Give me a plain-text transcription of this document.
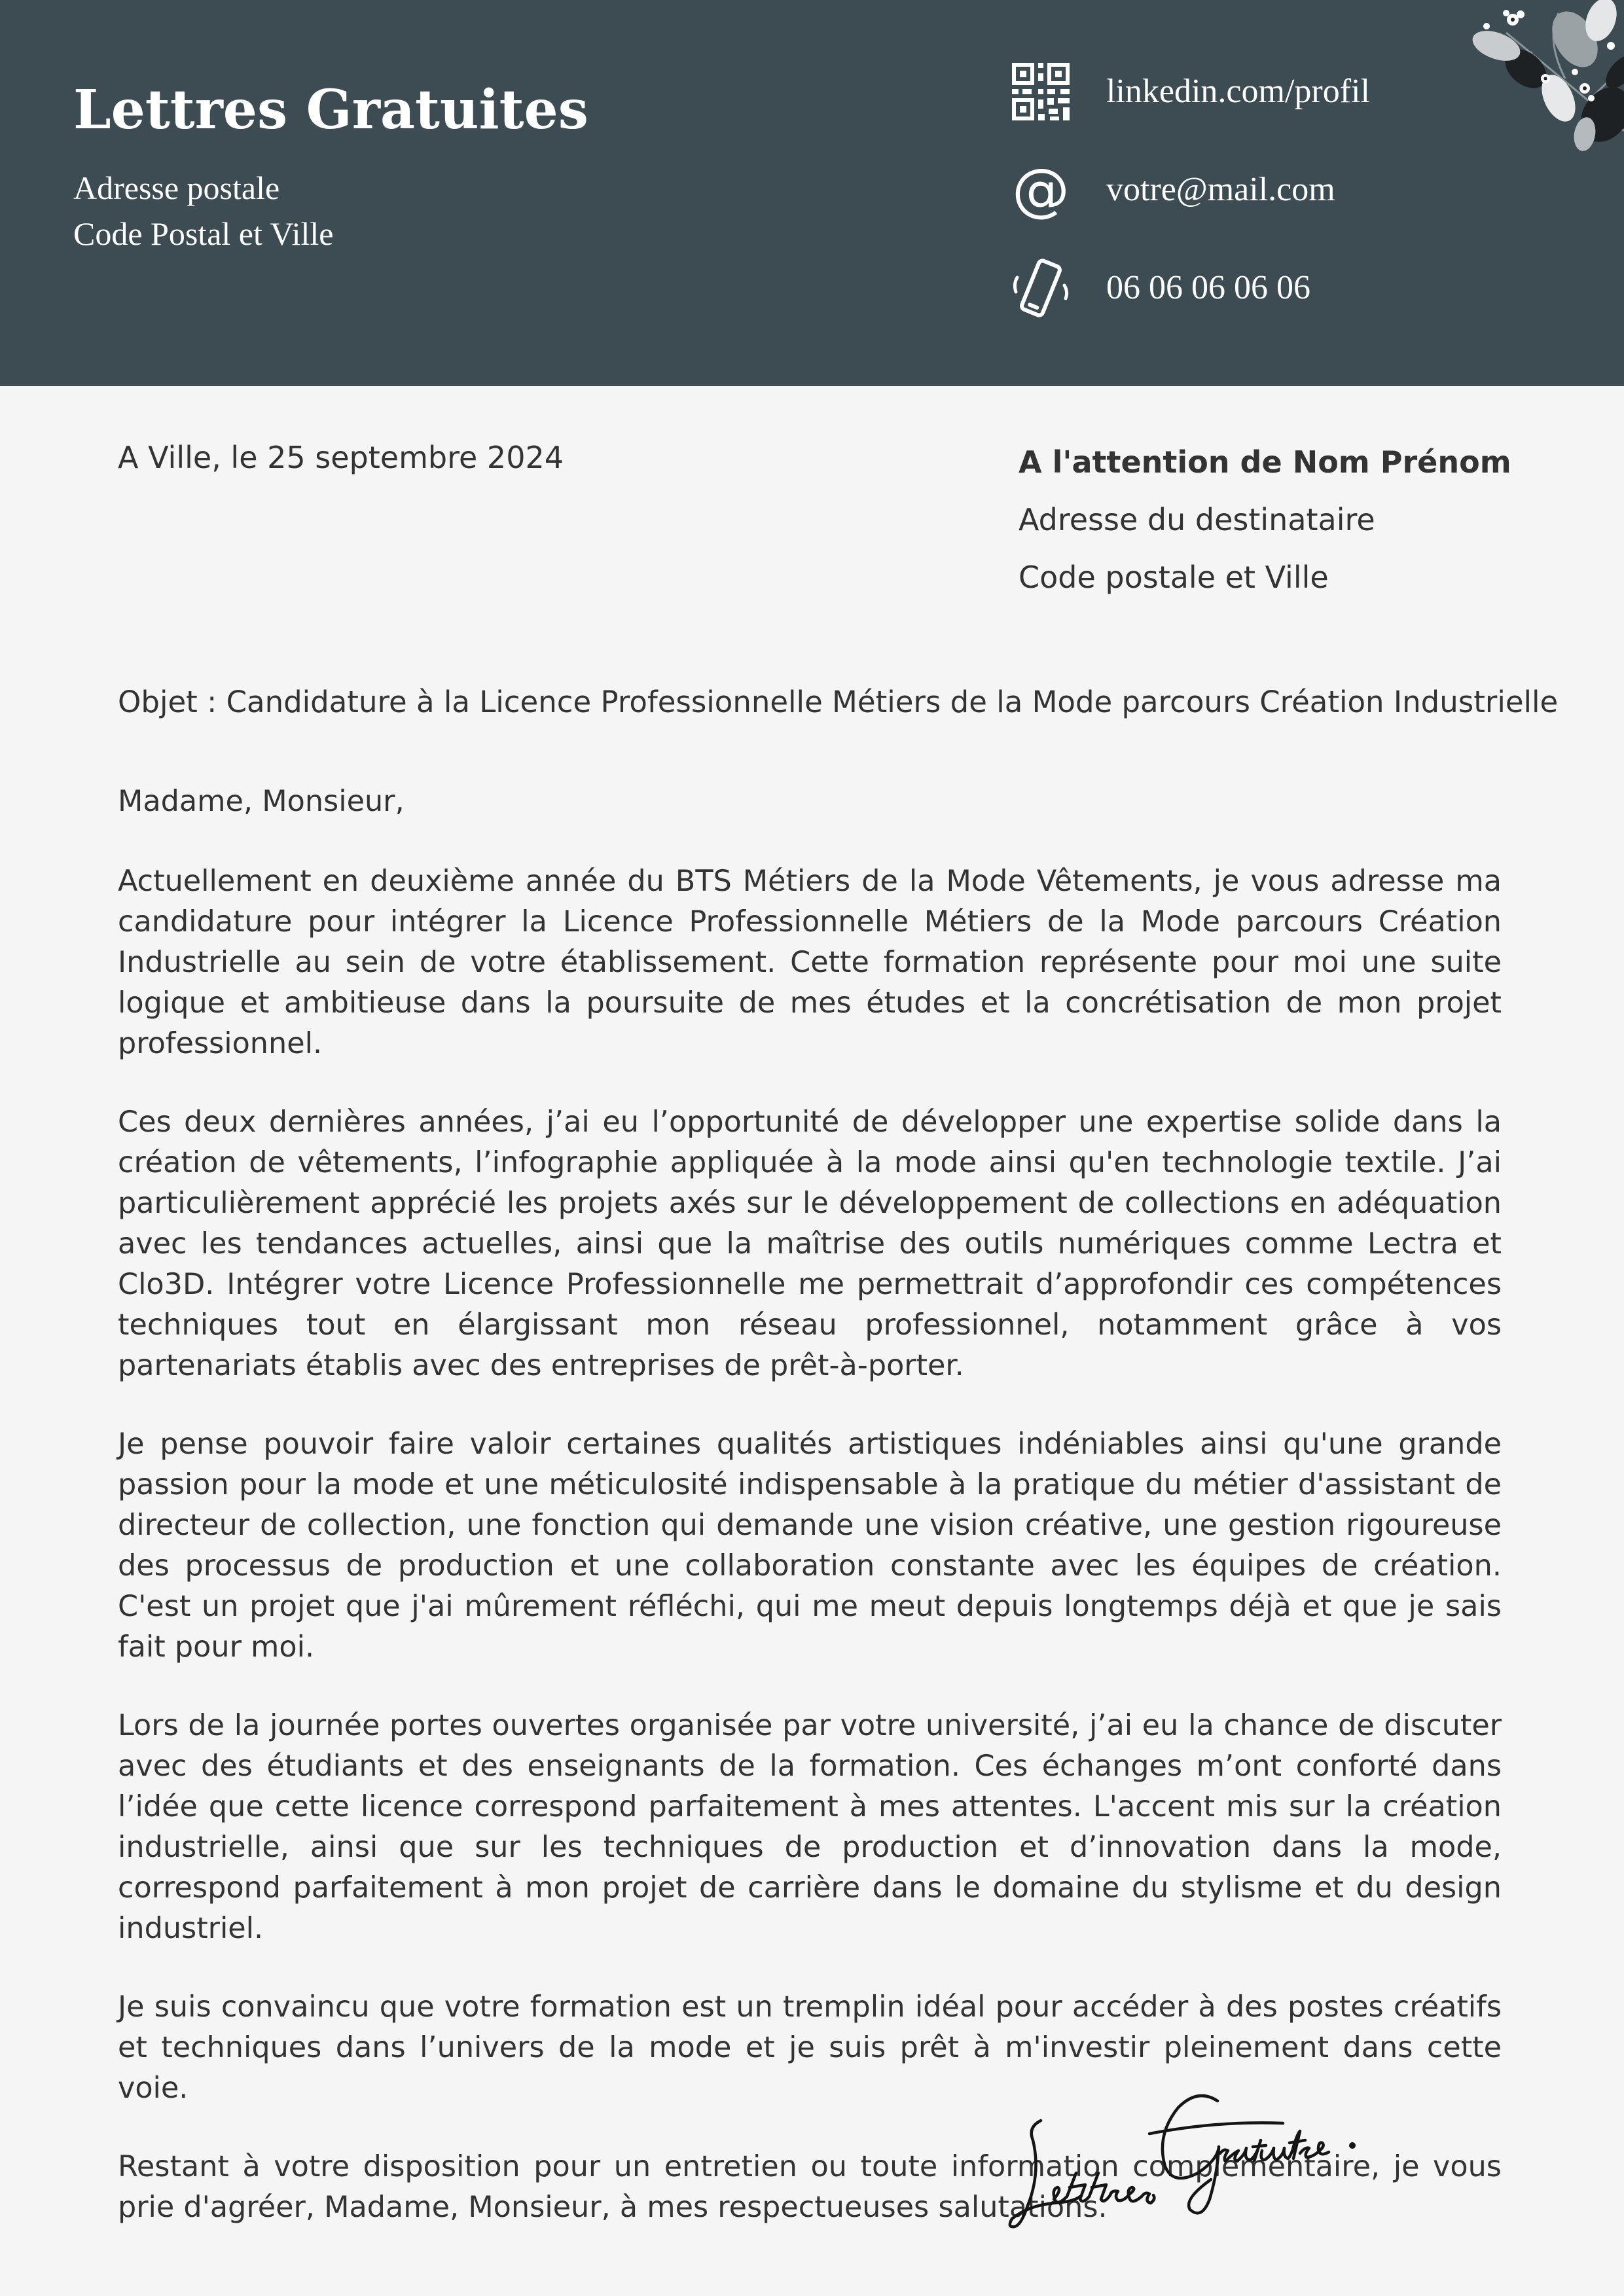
Lettres Gratuites
Adresse postale
Code Postal et Ville
linkedin.com/profil
@ votre@mail.com
06 06 06 06 06
A Ville, le 25 septembre 2024	A l'attention de Nom Prénom
Adresse du destinataire
Code postale et Ville
Objet : Candidature à la Licence Professionnelle Métiers de la Mode parcours Création Industrielle

Madame, Monsieur,

Actuellement en deuxième année du BTS Métiers de la Mode Vêtements, je vous adresse ma candidature pour intégrer la Licence Professionnelle Métiers de la Mode parcours Création Industrielle au sein de votre établissement. Cette formation représente pour moi une suite logique et ambitieuse dans la poursuite de mes études et la concrétisation de mon projet professionnel.

Ces deux dernières années, j’ai eu l’opportunité de développer une expertise solide dans la création de vêtements, l’infographie appliquée à la mode ainsi qu'en technologie textile. J’ai particulièrement apprécié les projets axés sur le développement de collections en adéquation avec les tendances actuelles, ainsi que la maîtrise des outils numériques comme Lectra et Clo3D. Intégrer votre Licence Professionnelle me permettrait d’approfondir ces compétences techniques tout en élargissant mon réseau professionnel, notamment grâce à vos partenariats établis avec des entreprises de prêt-à-porter.

Je pense pouvoir faire valoir certaines qualités artistiques indéniables ainsi qu'une grande passion pour la mode et une méticulosité indispensable à la pratique du métier d'assistant de directeur de collection, une fonction qui demande une vision créative, une gestion rigoureuse des processus de production et une collaboration constante avec les équipes de création. C'est un projet que j'ai mûrement réfléchi, qui me meut depuis longtemps déjà et que je sais fait pour moi.

Lors de la journée portes ouvertes organisée par votre université, j’ai eu la chance de discuter avec des étudiants et des enseignants de la formation. Ces échanges m’ont conforté dans l’idée que cette licence correspond parfaitement à mes attentes. L'accent mis sur la création industrielle, ainsi que sur les techniques de production et d’innovation dans la mode, correspond parfaitement à mon projet de carrière dans le domaine du stylisme et du design industriel.

Je suis convaincu que votre formation est un tremplin idéal pour accéder à des postes créatifs et techniques dans l’univers de la mode et je suis prêt à m'investir pleinement dans cette voie.

Restant à votre disposition pour un entretien ou toute information complémentaire, je vous prie d'agréer, Madame, Monsieur, à mes respectueuses salutations.
